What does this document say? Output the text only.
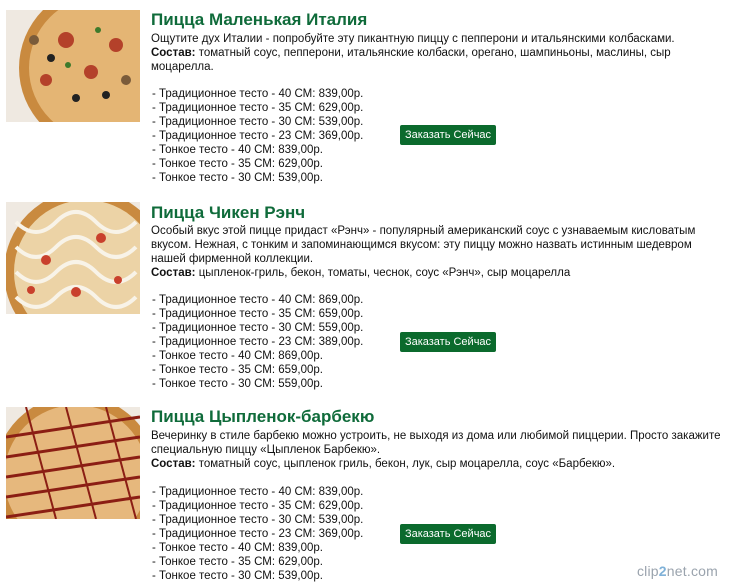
Пицца Маленькая Италия

Ощутите дух Италии - попробуйте эту пикантную пиццу с пепперони и итальянскими колбасками.
Состав: томатный соус, пепперони, итальянские колбаски, орегано, шампиньоны, маслины, сыр моцарелла.

- Традиционное тесто - 40 СМ: 839,00р.
- Традиционное тесто - 35 СМ: 629,00р.
- Традиционное тесто - 30 СМ: 539,00р.
- Традиционное тесто - 23 СМ: 369,00р.
- Тонкое тесто - 40 СМ: 839,00р.
- Тонкое тесто - 35 СМ: 629,00р.
- Тонкое тесто - 30 СМ: 539,00р.
Заказать Сейчас
Пицца Чикен Рэнч

Особый вкус этой пицце придаст «Рэнч» - популярный американский соус с узнаваемым кисловатым вкусом. Нежная, с тонким и запоминающимся вкусом: эту пиццу можно назвать истинным шедевром нашей фирменной коллекции.
Состав: цыпленок-гриль, бекон, томаты, чеснок, соус «Рэнч», сыр моцарелла

- Традиционное тесто - 40 СМ: 869,00р.
- Традиционное тесто - 35 СМ: 659,00р.
- Традиционное тесто - 30 СМ: 559,00р.
- Традиционное тесто - 23 СМ: 389,00р.
- Тонкое тесто - 40 СМ: 869,00р.
- Тонкое тесто - 35 СМ: 659,00р.
- Тонкое тесто - 30 СМ: 559,00р.
Заказать Сейчас
Пицца Цыпленок-барбекю

Вечеринку в стиле барбекю можно устроить, не выходя из дома или любимой пиццерии. Просто закажите специальную пиццу «Цыпленок Барбекю».
Состав: томатный соус, цыпленок гриль, бекон, лук, сыр моцарелла, соус «Барбекю».

- Традиционное тесто - 40 СМ: 839,00р.
- Традиционное тесто - 35 СМ: 629,00р.
- Традиционное тесто - 30 СМ: 539,00р.
- Традиционное тесто - 23 СМ: 369,00р.
- Тонкое тесто - 40 СМ: 839,00р.
- Тонкое тесто - 35 СМ: 629,00р.
- Тонкое тесто - 30 СМ: 539,00р.
Заказать Сейчас
clip2net.com
